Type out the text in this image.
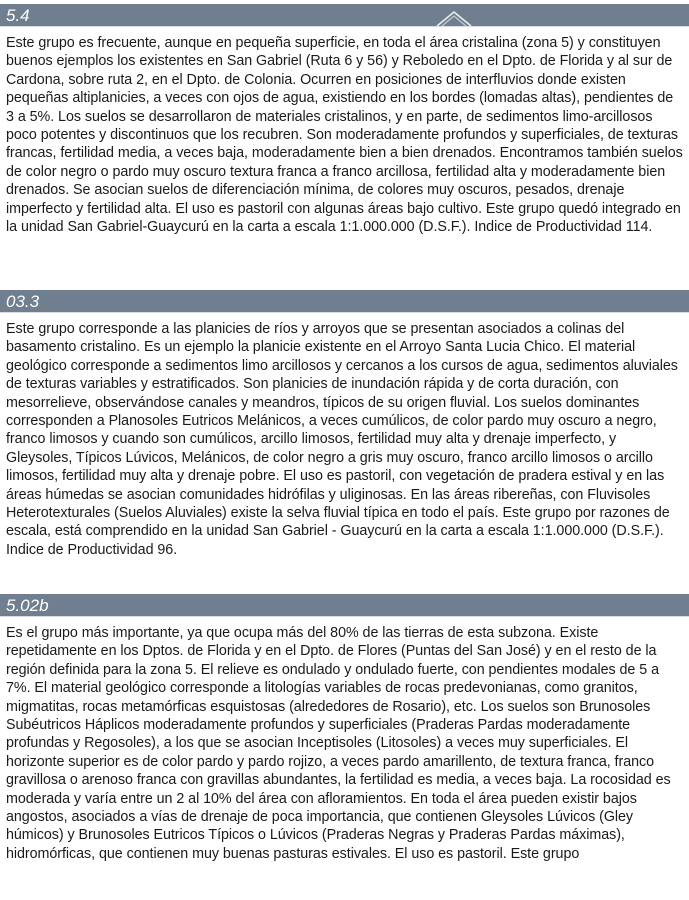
5.4

Este grupo es frecuente, aunque en pequeña superficie, en toda el área cristalina (zona 5) y constituyen buenos ejemplos los existentes en San Gabriel (Ruta 6 y 56) y Reboledo en el Dpto. de Florida y al sur de Cardona, sobre ruta 2, en el Dpto. de Colonia. Ocurren en posiciones de interfluvios donde existen pequeñas altiplanicies, a veces con ojos de agua, existiendo en los bordes (lomadas altas), pendientes de 3 a 5%. Los suelos se desarrollaron de materiales cristalinos, y en parte, de sedimentos limo-arcillosos poco potentes y discontinuos que los recubren. Son moderadamente profundos y superficiales, de texturas francas, fertilidad media, a veces baja, moderadamente bien a bien drenados. Encontramos también suelos de color negro o pardo muy oscuro textura franca a franco arcillosa, fertilidad alta y moderadamente bien drenados. Se asocian suelos de diferenciación mínima, de colores muy oscuros, pesados, drenaje imperfecto y fertilidad alta. El uso es pastoril con algunas áreas bajo cultivo. Este grupo quedó integrado en la unidad San Gabriel-Guaycurú en la carta a escala 1:1.000.000 (D.S.F.). Indice de Productividad 114.

03.3

Este grupo corresponde a las planicies de ríos y arroyos que se presentan asociados a colinas del basamento cristalino. Es un ejemplo la planicie existente en el Arroyo Santa Lucia Chico. El material geológico corresponde a sedimentos limo arcillosos y cercanos a los cursos de agua, sedimentos aluviales de texturas variables y estratificados. Son planicies de inundación rápida y de corta duración, con mesorrelieve, observándose canales y meandros, típicos de su origen fluvial. Los suelos dominantes corresponden a Planosoles Eutricos Melánicos, a veces cumúlicos, de color pardo muy oscuro a negro, franco limosos y cuando son cumúlicos, arcillo limosos, fertilidad muy alta y drenaje imperfecto, y Gleysoles, Típicos Lúvicos, Melánicos, de color negro a gris muy oscuro, franco arcillo limosos o arcillo limosos, fertilidad muy alta y drenaje pobre. El uso es pastoril, con vegetación de pradera estival y en las áreas húmedas se asocian comunidades hidrófilas y uliginosas. En las áreas ribereñas, con Fluvisoles Heterotexturales (Suelos Aluviales) existe la selva fluvial típica en todo el país. Este grupo por razones de escala, está comprendido en la unidad San Gabriel - Guaycurú en la carta a escala 1:1.000.000 (D.S.F.). Indice de Productividad 96.

5.02b

Es el grupo más importante, ya que ocupa más del 80% de las tierras de esta subzona. Existe repetidamente en los Dptos. de Florida y en el Dpto. de Flores (Puntas del San José) y en el resto de la región definida para la zona 5. El relieve es ondulado y ondulado fuerte, con pendientes modales de 5 a 7%. El material geológico corresponde a litologías variables de rocas predevonianas, como granitos, migmatitas, rocas metamórficas esquistosas (alrededores de Rosario), etc. Los suelos son Brunosoles Subéutricos Háplicos moderadamente profundos y superficiales (Praderas Pardas moderadamente profundas y Regosoles), a los que se asocian Inceptisoles (Litosoles) a veces muy superficiales. El horizonte superior es de color pardo y pardo rojizo, a veces pardo amarillento, de textura franca, franco gravillosa o arenoso franca con gravillas abundantes, la fertilidad es media, a veces baja. La rocosidad es moderada y varía entre un 2 al 10% del área con afloramientos. En toda el área pueden existir bajos angostos, asociados a vías de drenaje de poca importancia, que contienen Gleysoles Lúvicos (Gley húmicos) y Brunosoles Eutricos Típicos o Lúvicos (Praderas Negras y Praderas Pardas máximas), hidromórficas, que contienen muy buenas pasturas estivales. El uso es pastoril. Este grupo
